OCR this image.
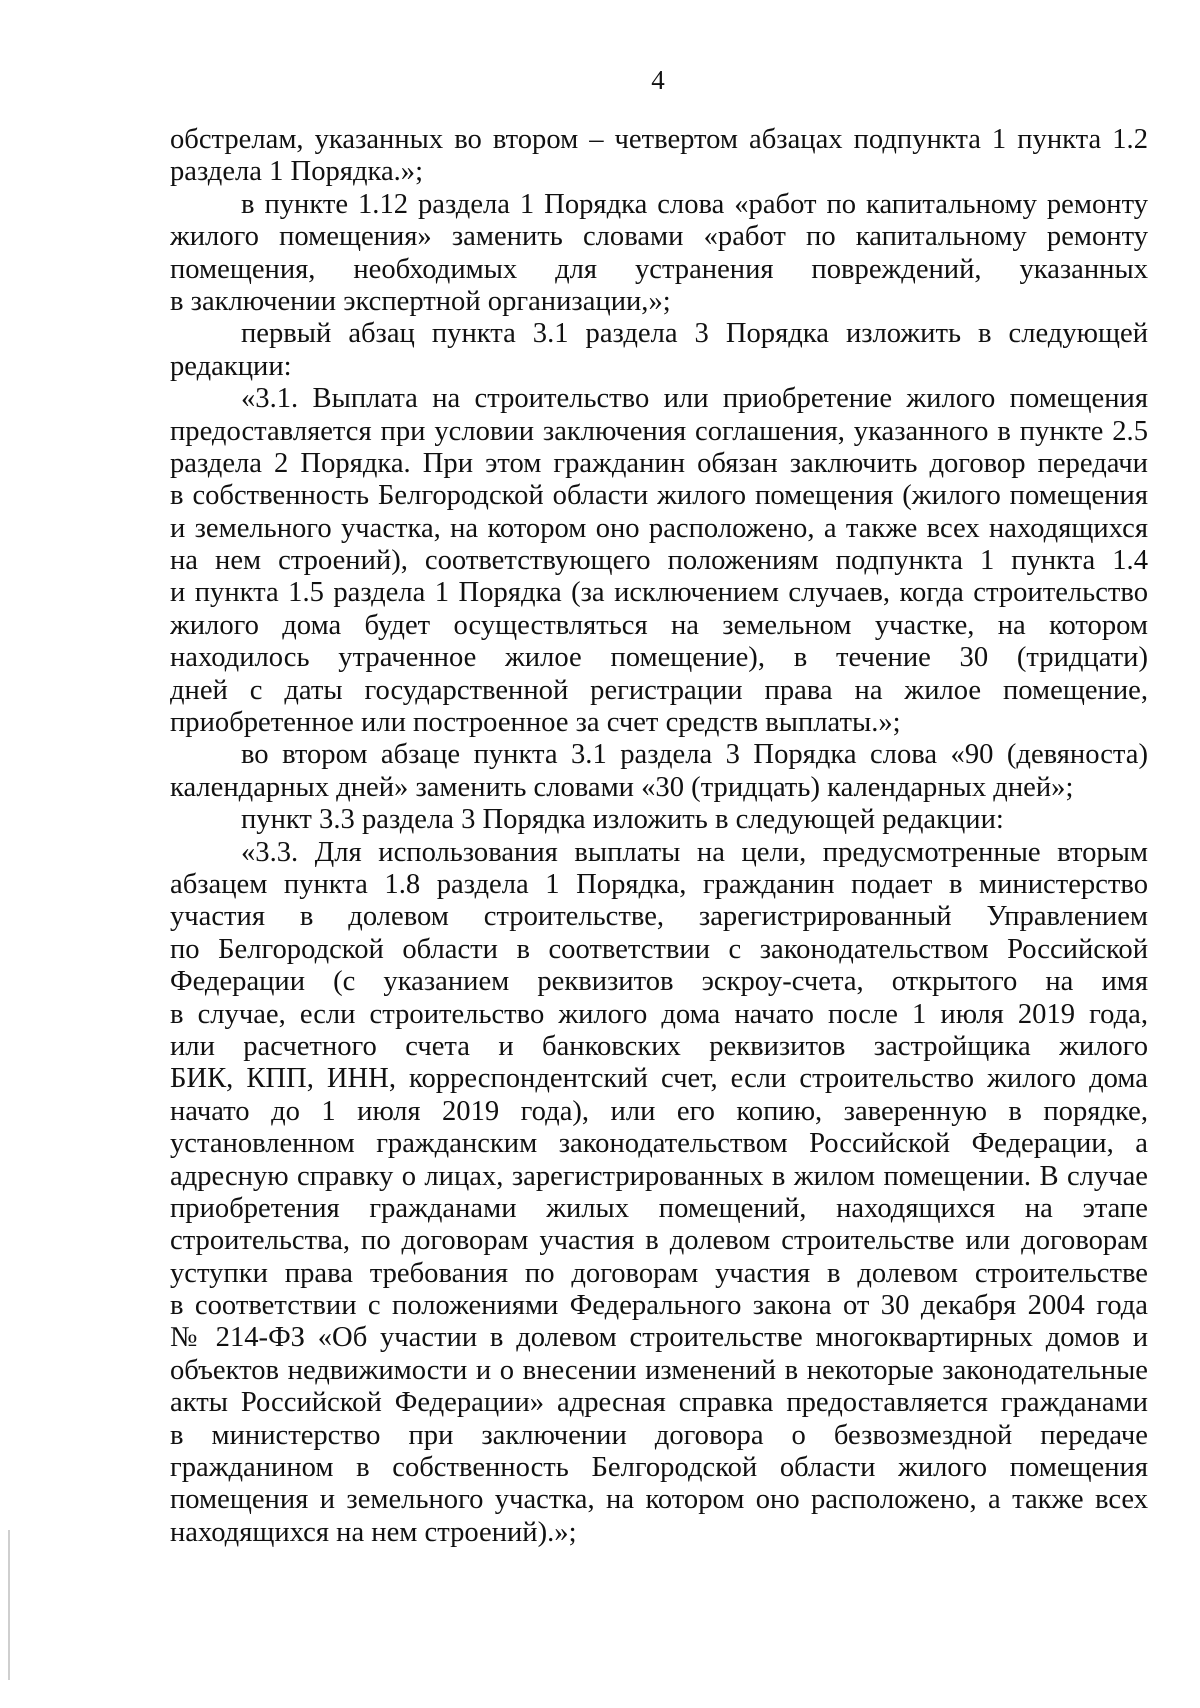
4
обстрелам, указанных во втором – четвертом абзацах подпункта 1 пункта 1.2
раздела 1 Порядка.»;
в пункте 1.12 раздела 1 Порядка слова «работ по капитальному ремонту
жилого помещения» заменить словами «работ по капитальному ремонту
помещения, необходимых для устранения повреждений, указанных
в заключении экспертной организации,»;
первый абзац пункта 3.1 раздела 3 Порядка изложить в следующей
редакции:
«3.1. Выплата на строительство или приобретение жилого помещения
предоставляется при условии заключения соглашения, указанного в пункте 2.5
раздела 2 Порядка. При этом гражданин обязан заключить договор передачи
в собственность Белгородской области жилого помещения (жилого помещения
и земельного участка, на котором оно расположено, а также всех находящихся
на нем строений), соответствующего положениям подпункта 1 пункта 1.4
и пункта 1.5 раздела 1 Порядка (за исключением случаев, когда строительство
жилого дома будет осуществляться на земельном участке, на котором
находилось утраченное жилое помещение), в течение 30 (тридцати)
дней с даты государственной регистрации права на жилое помещение,
приобретенное или построенное за счет средств выплаты.»;
во втором абзаце пункта 3.1 раздела 3 Порядка слова «90 (девяноста)
календарных дней» заменить словами «30 (тридцать) календарных дней»;
пункт 3.3 раздела 3 Порядка изложить в следующей редакции:
«3.3. Для использования выплаты на цели, предусмотренные вторым
абзацем пункта 1.8 раздела 1 Порядка, гражданин подает в министерство
участия в долевом строительстве, зарегистрированный Управлением
по Белгородской области в соответствии с законодательством Российской
Федерации (с указанием реквизитов эскроу-счета, открытого на имя
в случае, если строительство жилого дома начато после 1 июля 2019 года,
или расчетного счета и банковских реквизитов застройщика жилого
БИК, КПП, ИНН, корреспондентский счет, если строительство жилого дома
начато до 1 июля 2019 года), или его копию, заверенную в порядке,
установленном гражданским законодательством Российской Федерации, а
адресную справку о лицах, зарегистрированных в жилом помещении. В случае
приобретения гражданами жилых помещений, находящихся на этапе
строительства, по договорам участия в долевом строительстве или договорам
уступки права требования по договорам участия в долевом строительстве
в соответствии с положениями Федерального закона от 30 декабря 2004 года
№ 214-ФЗ «Об участии в долевом строительстве многоквартирных домов и
объектов недвижимости и о внесении изменений в некоторые законодательные
акты Российской Федерации» адресная справка предоставляется гражданами
в министерство при заключении договора о безвозмездной передаче
гражданином в собственность Белгородской области жилого помещения
помещения и земельного участка, на котором оно расположено, а также всех
находящихся на нем строений).»;
